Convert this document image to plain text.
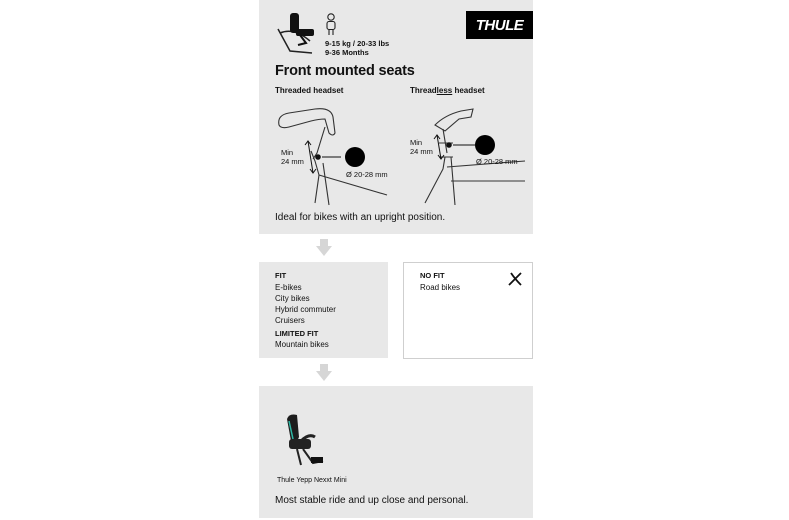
9-15 kg / 20-33 lbs
9-36 Months
THULE
Front mounted seats
Threaded headset	Threadless headset
Min
24 mm
Ø 20-28 mm
Min
24 mm
Ø 20-28 mm
Ideal for bikes with an upright position.
FIT
E-bikes
City bikes
Hybrid commuter
Cruisers
LIMITED FIT
Mountain bikes
NO FIT
Road bikes
Thule Yepp Nexxt Mini
Most stable ride and up close and personal.
